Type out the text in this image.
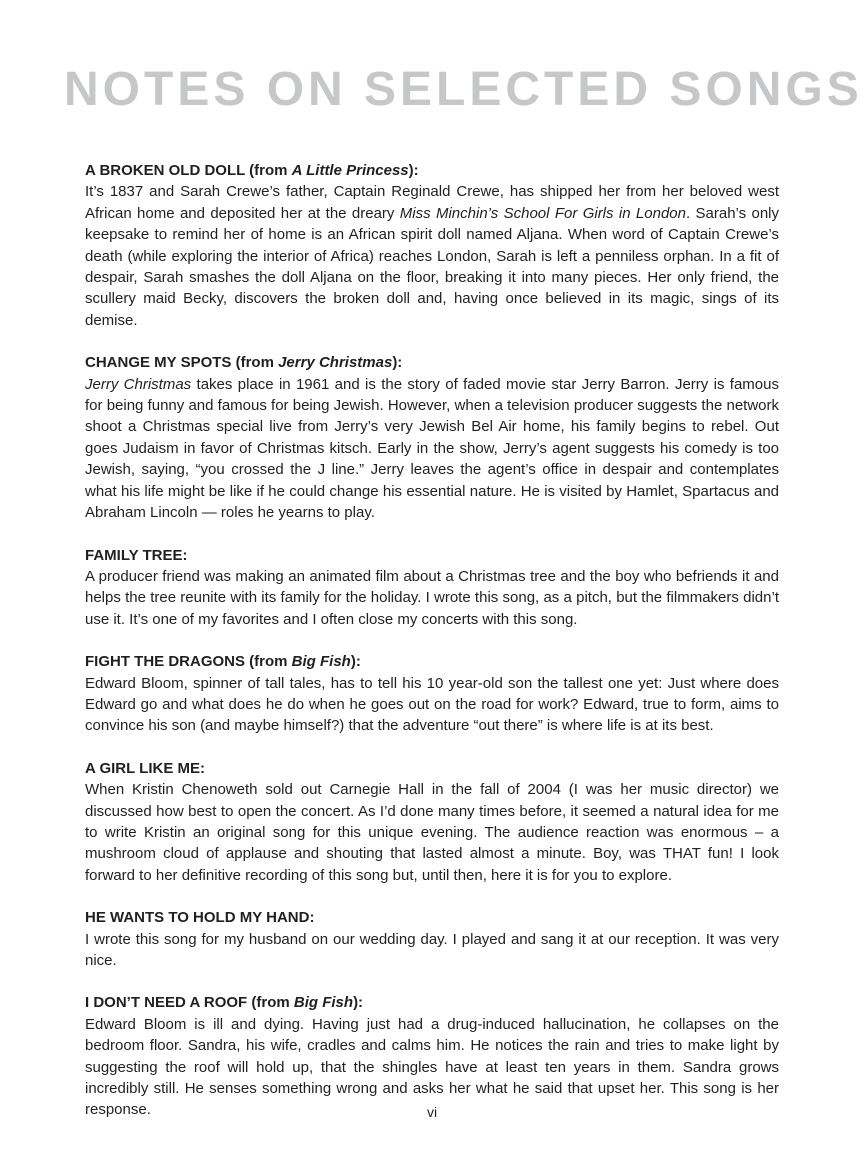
NOTES ON SELECTED SONGS
A BROKEN OLD DOLL (from A Little Princess):

It’s 1837 and Sarah Crewe’s father, Captain Reginald Crewe, has shipped her from her beloved west African home and deposited her at the dreary Miss Minchin’s School For Girls in London. Sarah’s only keepsake to remind her of home is an African spirit doll named Aljana. When word of Captain Crewe’s death (while exploring the interior of Africa) reaches London, Sarah is left a penniless orphan. In a fit of despair, Sarah smashes the doll Aljana on the floor, breaking it into many pieces. Her only friend, the scullery maid Becky, discovers the broken doll and, having once believed in its magic, sings of its demise.

CHANGE MY SPOTS (from Jerry Christmas):

Jerry Christmas takes place in 1961 and is the story of faded movie star Jerry Barron. Jerry is famous for being funny and famous for being Jewish. However, when a television producer suggests the network shoot a Christmas special live from Jerry’s very Jewish Bel Air home, his family begins to rebel. Out goes Judaism in favor of Christmas kitsch. Early in the show, Jerry’s agent suggests his comedy is too Jewish, saying, “you crossed the J line.” Jerry leaves the agent’s office in despair and contemplates what his life might be like if he could change his essential nature. He is visited by Hamlet, Spartacus and Abraham Lincoln — roles he yearns to play.

FAMILY TREE:

A producer friend was making an animated film about a Christmas tree and the boy who befriends it and helps the tree reunite with its family for the holiday. I wrote this song, as a pitch, but the filmmakers didn’t use it. It’s one of my favorites and I often close my concerts with this song.

FIGHT THE DRAGONS (from Big Fish):

Edward Bloom, spinner of tall tales, has to tell his 10 year-old son the tallest one yet: Just where does Edward go and what does he do when he goes out on the road for work? Edward, true to form, aims to convince his son (and maybe himself?) that the adventure “out there” is where life is at its best.

A GIRL LIKE ME:

When Kristin Chenoweth sold out Carnegie Hall in the fall of 2004 (I was her music director) we discussed how best to open the concert. As I’d done many times before, it seemed a natural idea for me to write Kristin an original song for this unique evening. The audience reaction was enormous – a mushroom cloud of applause and shouting that lasted almost a minute. Boy, was THAT fun! I look forward to her definitive recording of this song but, until then, here it is for you to explore.

HE WANTS TO HOLD MY HAND:

I wrote this song for my husband on our wedding day. I played and sang it at our reception. It was very nice.

I DON’T NEED A ROOF (from Big Fish):

Edward Bloom is ill and dying. Having just had a drug-induced hallucination, he collapses on the bedroom floor. Sandra, his wife, cradles and calms him. He notices the rain and tries to make light by suggesting the roof will hold up, that the shingles have at least ten years in them. Sandra grows incredibly still. He senses something wrong and asks her what he said that upset her. This song is her response.	vi
